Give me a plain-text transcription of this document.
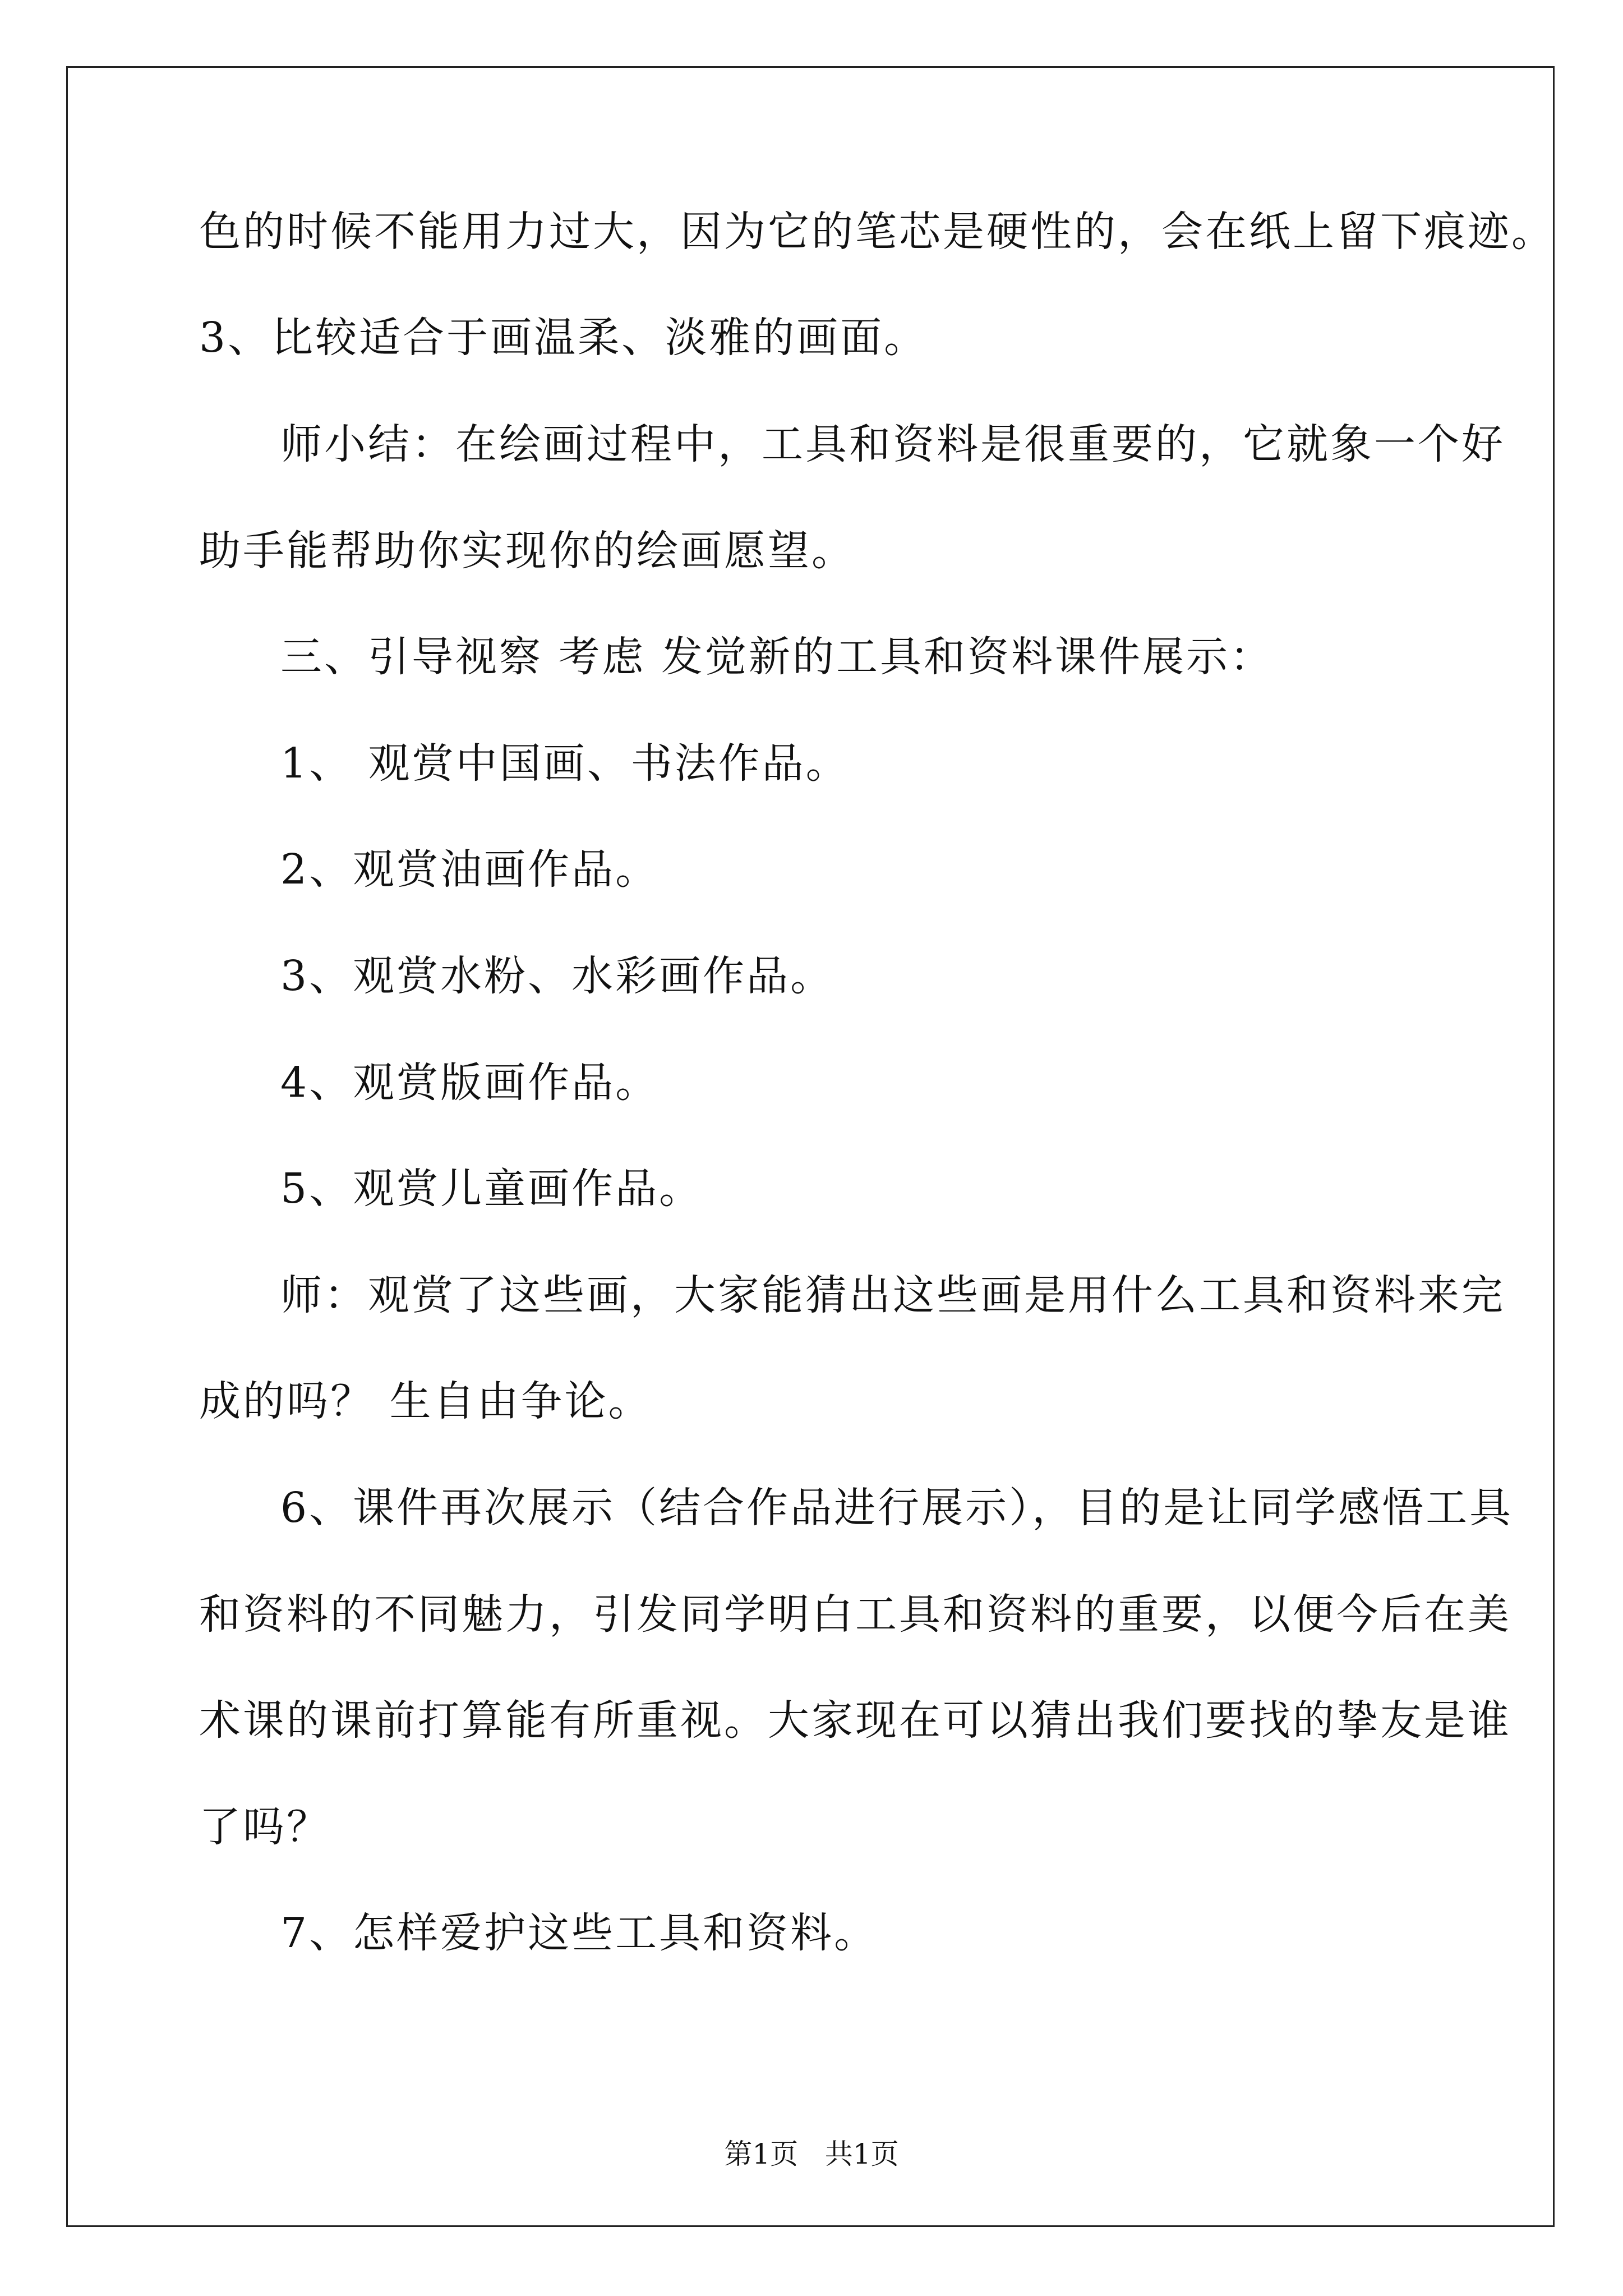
色的时候不能用力过大，因为它的笔芯是硬性的，会在纸上留下痕迹。
3、比较适合于画温柔、淡雅的画面。
师小结：在绘画过程中，工具和资料是很重要的，它就象一个好
助手能帮助你实现你的绘画愿望。
三、引导视察 考虑 发觉新的工具和资料课件展示：
1、 观赏中国画、书法作品。
2、观赏油画作品。
3、观赏水粉、水彩画作品。
4、观赏版画作品。
5、观赏儿童画作品。
师：观赏了这些画，大家能猜出这些画是用什么工具和资料来完
成的吗？ 生自由争论。
6、课件再次展示（结合作品进行展示），目的是让同学感悟工具
和资料的不同魅力，引发同学明白工具和资料的重要，以便今后在美
术课的课前打算能有所重视。大家现在可以猜出我们要找的挚友是谁
了吗？
7、怎样爱护这些工具和资料。
第1页   共1页
